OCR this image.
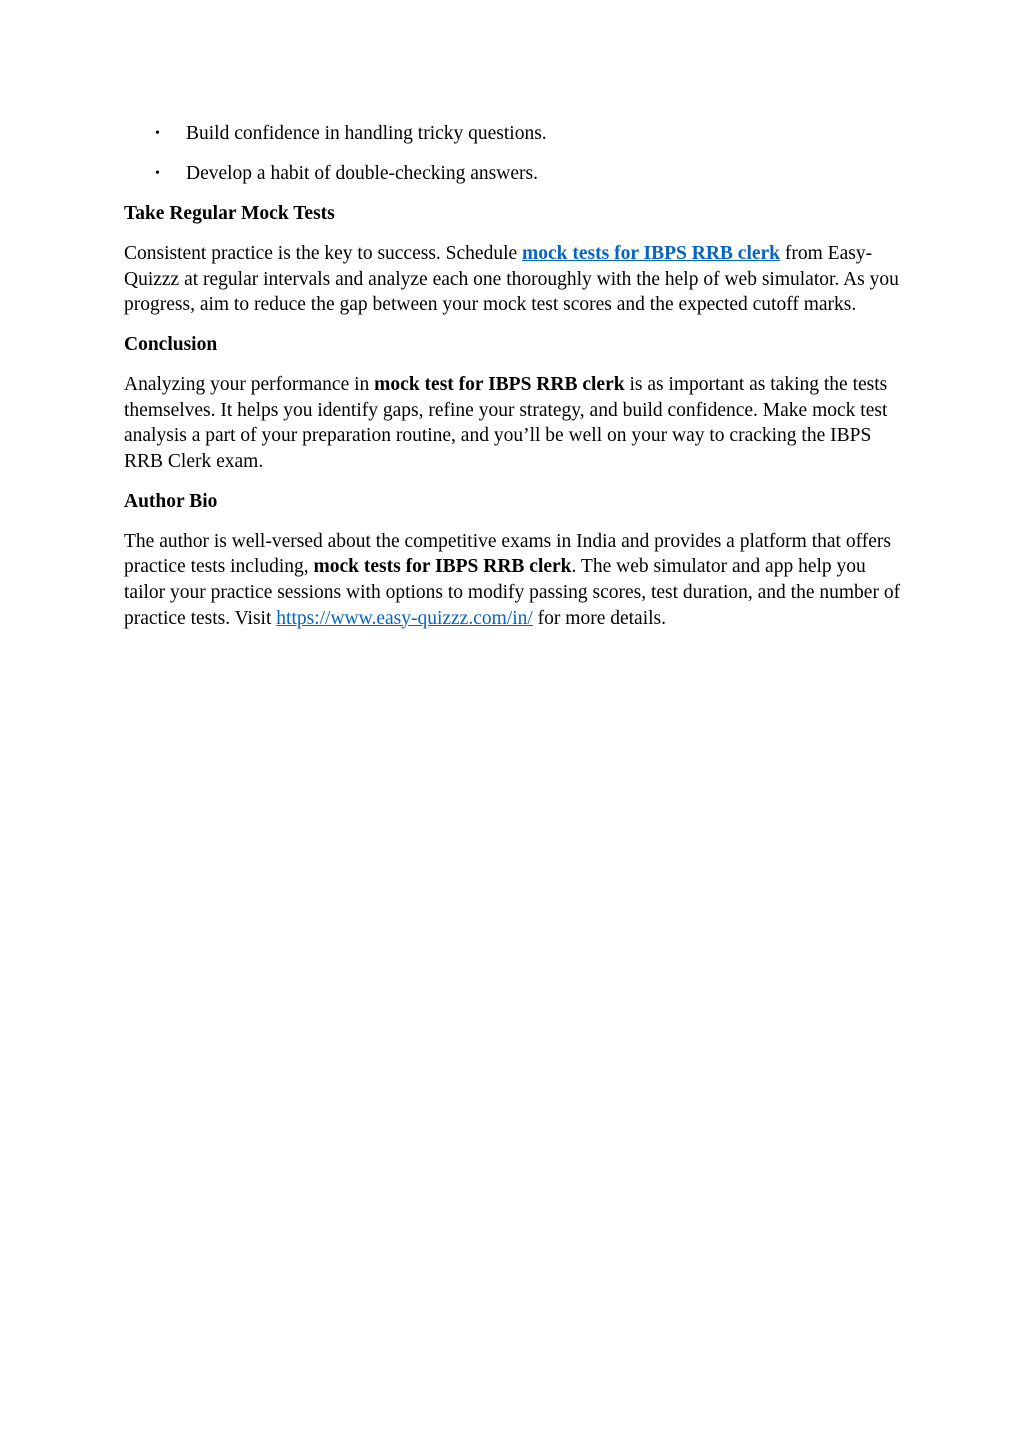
• Build confidence in handling tricky questions.
• Develop a habit of double-checking answers.
Take Regular Mock Tests

Consistent practice is the key to success. Schedule mock tests for IBPS RRB clerk from Easy-Quizzz at regular intervals and analyze each one thoroughly with the help of web simulator. As you progress, aim to reduce the gap between your mock test scores and the expected cutoff marks.

Conclusion

Analyzing your performance in mock test for IBPS RRB clerk is as important as taking the tests themselves. It helps you identify gaps, refine your strategy, and build confidence. Make mock test analysis a part of your preparation routine, and you’ll be well on your way to cracking the IBPS RRB Clerk exam.

Author Bio

The author is well-versed about the competitive exams in India and provides a platform that offers practice tests including, mock tests for IBPS RRB clerk. The web simulator and app help you tailor your practice sessions with options to modify passing scores, test duration, and the number of practice tests. Visit https://www.easy-quizzz.com/in/ for more details.
